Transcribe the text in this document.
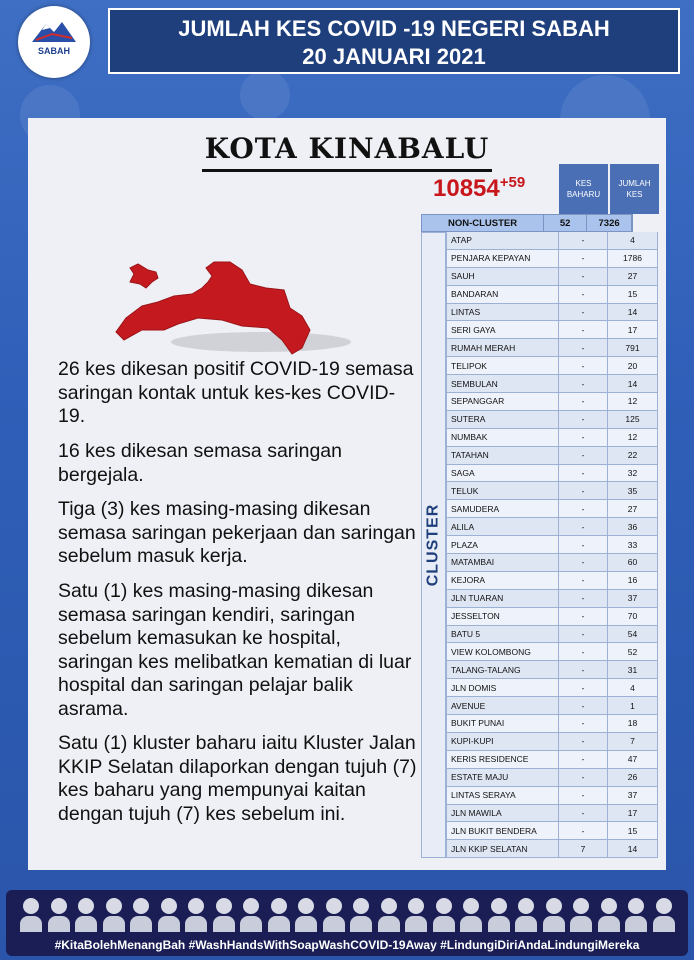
SABAH
JUMLAH KES COVID -19 NEGERI SABAH
20 JANUARI 2021
KOTA KINABALU
26 kes dikesan positif COVID-19 semasa saringan kontak untuk kes-kes COVID-19.
16 kes dikesan semasa saringan bergejala.
Tiga (3) kes masing-masing dikesan semasa saringan pekerjaan dan saringan sebelum masuk kerja.
Satu (1) kes masing-masing dikesan semasa saringan kendiri, saringan sebelum kemasukan ke hospital, saringan kes melibatkan kematian di luar hospital dan saringan pelajar balik asrama.
Satu (1) kluster baharu iaitu Kluster Jalan KKIP Selatan dilaporkan dengan tujuh (7) kes baharu yang mempunyai kaitan dengan tujuh (7) kes sebelum ini.
$10854^{+59}$	KES BAHARU
JUMLAH KES
NON-CLUSTER	52	7326
CLUSTER
ATAP	-	4
PENJARA KEPAYAN	-	1786
SAUH	-	27
BANDARAN	-	15
LINTAS	-	14
SERI GAYA	-	17
RUMAH MERAH	-	791
TELIPOK	-	20
SEMBULAN	-	14
SEPANGGAR	-	12
SUTERA	-	125
NUMBAK	-	12
TATAHAN	-	22
SAGA	-	32
TELUK	-	35
SAMUDERA	-	27
ALILA	-	36
PLAZA	-	33
MATAMBAI	-	60
KEJORA	-	16
JLN TUARAN	-	37
JESSELTON	-	70
BATU 5	-	54
VIEW KOLOMBONG	-	52
TALANG-TALANG	-	31
JLN DOMIS	-	4
AVENUE	-	1
BUKIT PUNAI	-	18
KUPI-KUPI	-	7
KERIS RESIDENCE	-	47
ESTATE MAJU	-	26
LINTAS SERAYA	-	37
JLN MAWILA	-	17
JLN BUKIT BENDERA	-	15
JLN KKIP SELATAN	7	14
#KitaBolehMenangBah #WashHandsWithSoapWashCOVID-19Away #LindungiDiriAndaLindungiMereka
